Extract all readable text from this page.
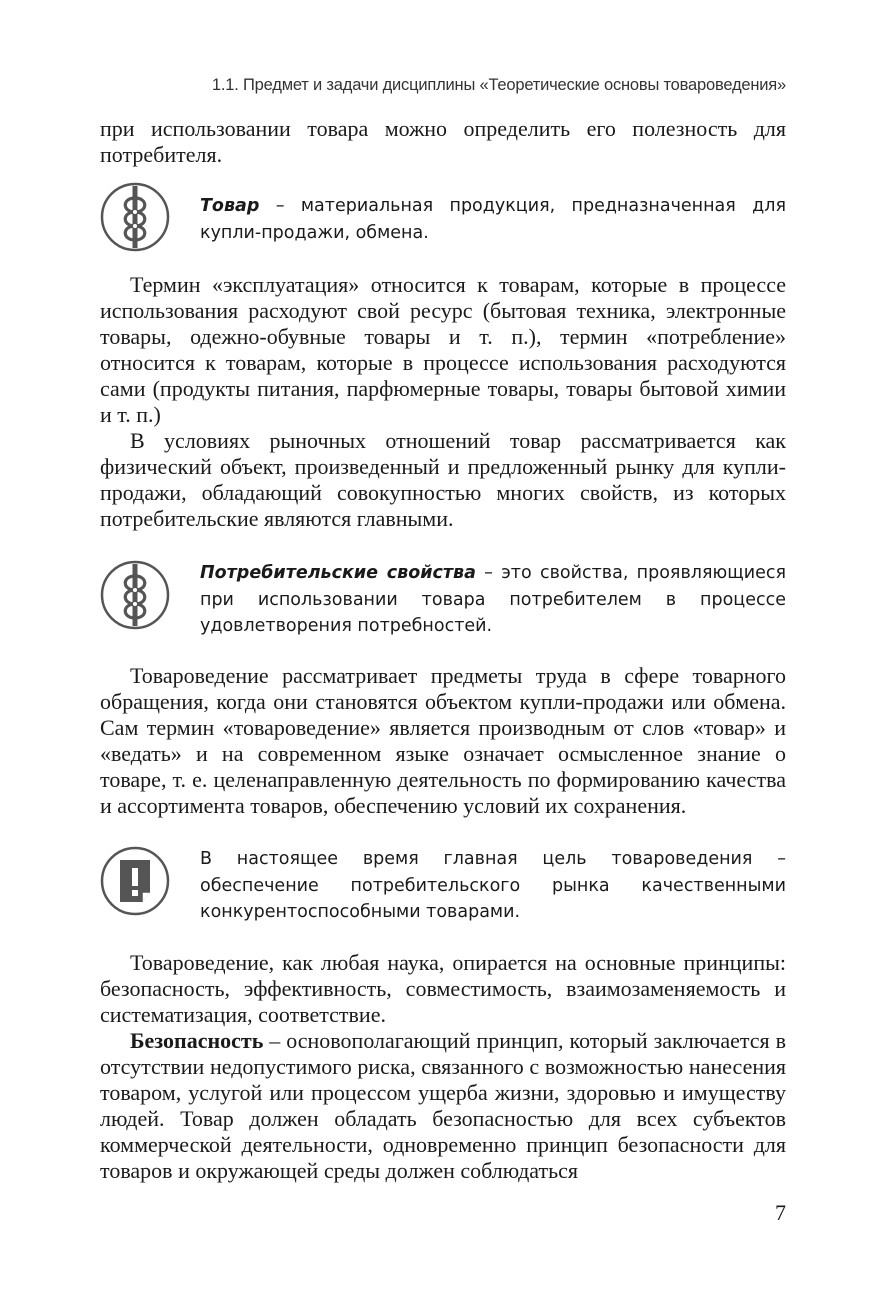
1.1. Предмет и задачи дисциплины «Теоретические основы товароведения»

при использовании товара можно определить его полезность для потребителя.

Товар – материальная продукция, предназначенная для купли-продажи, обмена.

Термин «эксплуатация» относится к товарам, которые в процессе использования расходуют свой ресурс (бытовая техника, электронные товары, одежно-обувные товары и т. п.), термин «потребление» относится к товарам, которые в процессе использования расходуются сами (продукты питания, парфюмерные товары, товары бытовой химии и т. п.)

В условиях рыночных отношений товар рассматривается как физический объект, произведенный и предложенный рынку для купли-продажи, обладающий совокупностью многих свойств, из которых потребительские являются главными.

Потребительские свойства – это свойства, проявляющиеся при использовании товара потребителем в процессе удовлетворения потребностей.

Товароведение рассматривает предметы труда в сфере товарного обращения, когда они становятся объектом купли-продажи или обмена. Сам термин «товароведение» является производным от слов «товар» и «ведать» и на современном языке означает осмысленное знание о товаре, т. е. целенаправленную деятельность по формированию качества и ассортимента товаров, обеспечению условий их сохранения.

В настоящее время главная цель товароведения – обеспечение потребительского рынка качественными конкурентоспособными товарами.

Товароведение, как любая наука, опирается на основные принципы: безопасность, эффективность, совместимость, взаимозаменяемость и систематизация, соответствие.

Безопасность – основополагающий принцип, который заключается в отсутствии недопустимого риска, связанного с возможностью нанесения товаром, услугой или процессом ущерба жизни, здоровью и имуществу людей. Товар должен обладать безопасностью для всех субъектов коммерческой деятельности, одновременно принцип безопасности для товаров и окружающей среды должен соблюдаться

7
